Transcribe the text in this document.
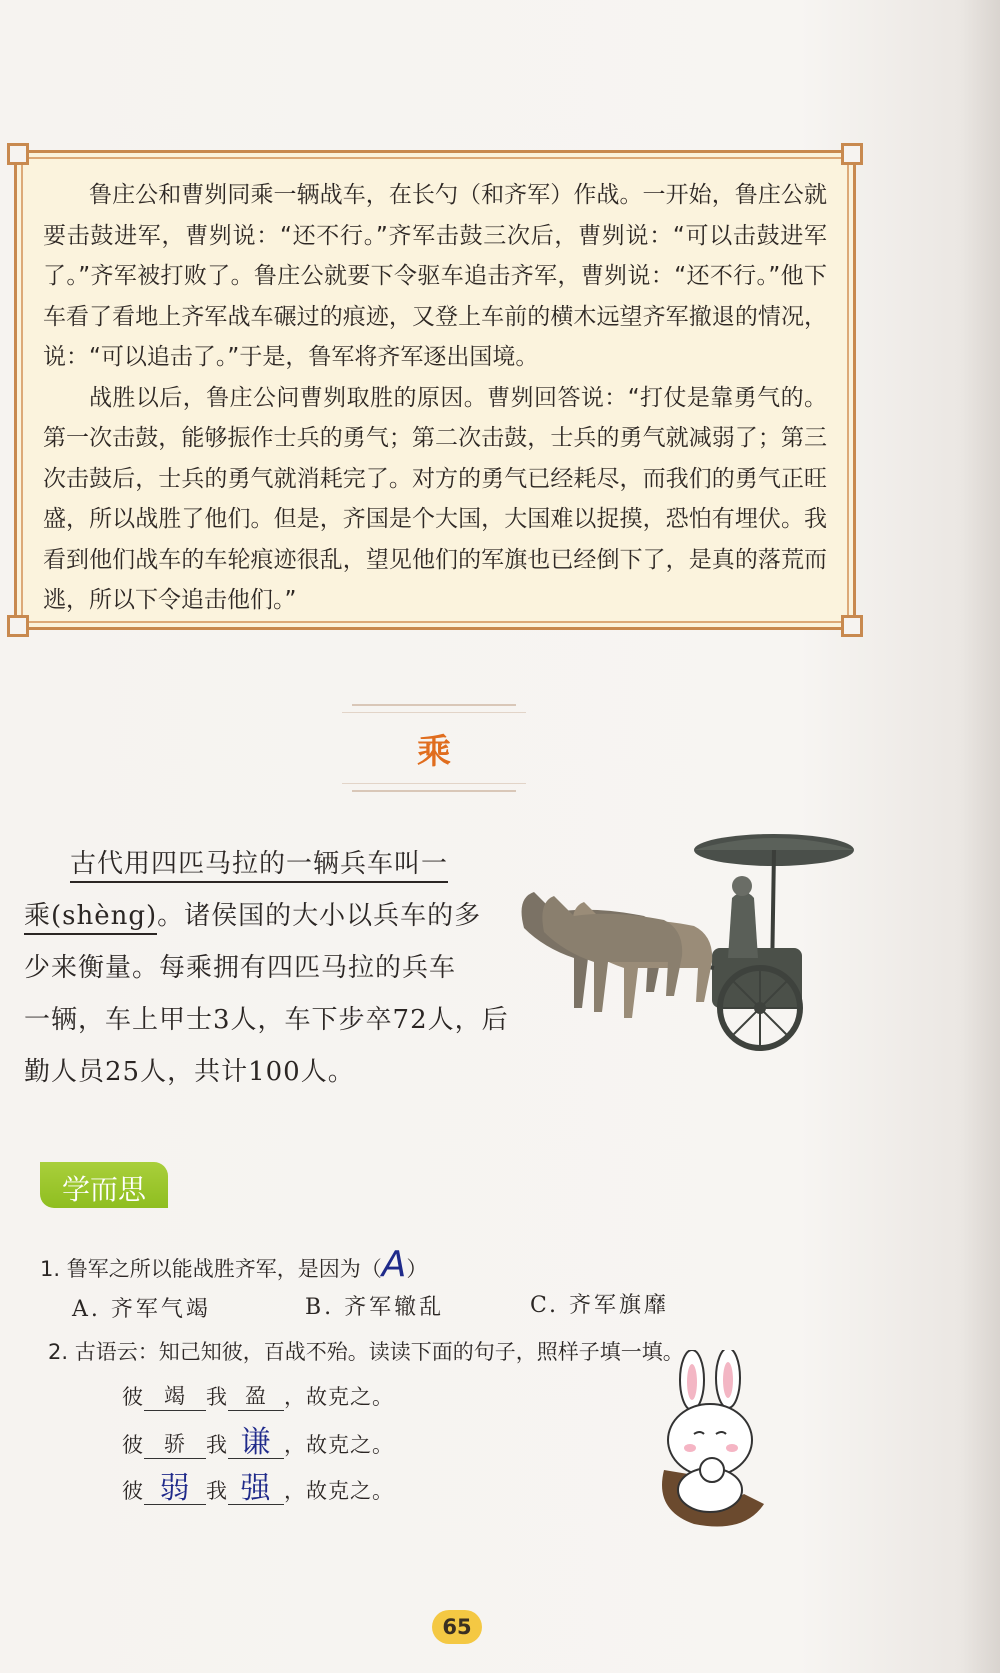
鲁庄公和曹刿同乘一辆战车，在长勺（和齐军）作战。一开始，鲁庄公就要击鼓进军，曹刿说：“还不行。”齐军击鼓三次后，曹刿说：“可以击鼓进军了。”齐军被打败了。鲁庄公就要下令驱车追击齐军，曹刿说：“还不行。”他下车看了看地上齐军战车碾过的痕迹，又登上车前的横木远望齐军撤退的情况，说：“可以追击了。”于是，鲁军将齐军逐出国境。

战胜以后，鲁庄公问曹刿取胜的原因。曹刿回答说：“打仗是靠勇气的。第一次击鼓，能够振作士兵的勇气；第二次击鼓，士兵的勇气就减弱了；第三次击鼓后，士兵的勇气就消耗完了。对方的勇气已经耗尽，而我们的勇气正旺盛，所以战胜了他们。但是，齐国是个大国，大国难以捉摸，恐怕有埋伏。我看到他们战车的车轮痕迹很乱，望见他们的军旗也已经倒下了，是真的落荒而逃，所以下令追击他们。”

乘
古代用四匹马拉的一辆兵车叫一
乘(shèng)。诸侯国的大小以兵车的多
少来衡量。每乘拥有四匹马拉的兵车
一辆，车上甲士3人，车下步卒72人，后
勤人员25人，共计100人。
学而思
1. 鲁军之所以能战胜齐军，是因为（A）
A. 齐军气竭	B. 齐军辙乱	C. 齐军旗靡
2. 古语云：知己知彼，百战不殆。读读下面的句子，照样子填一填。
彼 竭 我 盈 ，故克之。
彼 骄 我 谦 ，故克之。
彼 弱 我 强 ，故克之。
65
